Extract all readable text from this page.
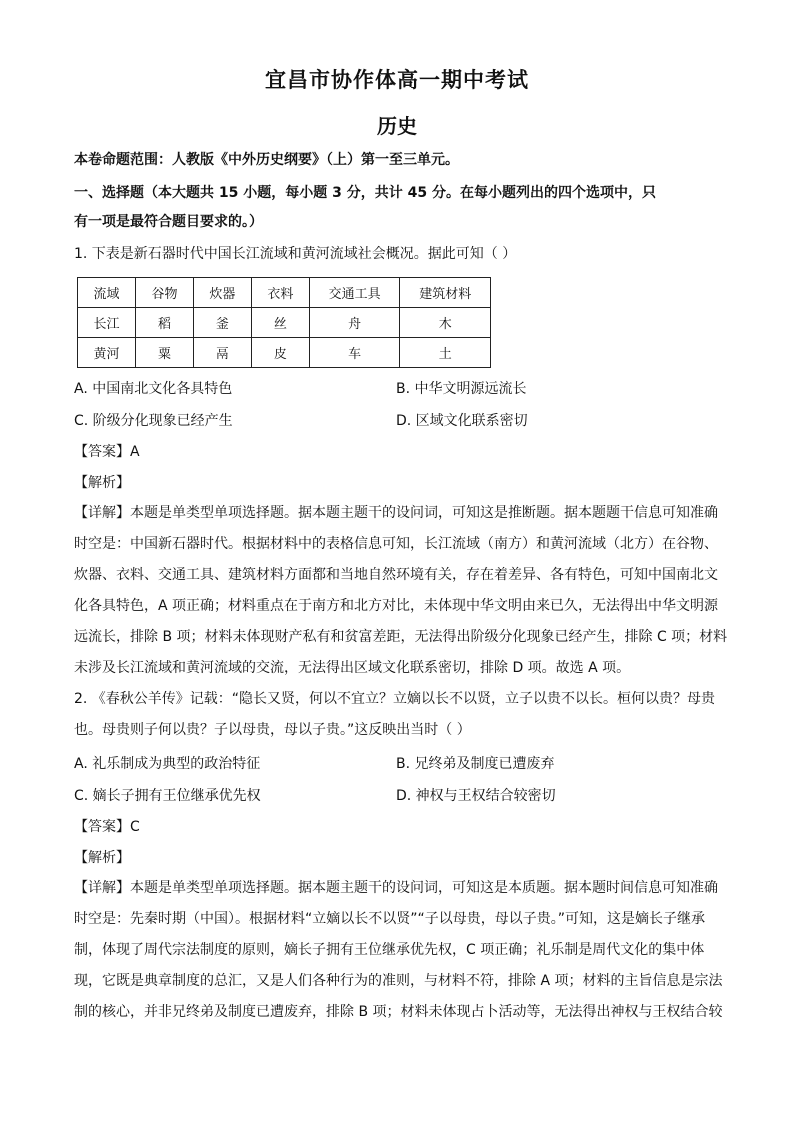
宜昌市协作体高一期中考试
历史
本卷命题范围：人教版《中外历史纲要》（上）第一至三单元。
一、选择题（本大题共 15 小题，每小题 3 分，共计 45 分。在每小题列出的四个选项中，只
有一项是最符合题目要求的。）
1. 下表是新石器时代中国长江流域和黄河流域社会概况。据此可知（ ）
流域	谷物	炊器	衣料	交通工具	建筑材料
长江	稻	釜	丝	舟	木
黄河	粟	鬲	皮	车	土
A. 中国南北文化各具特色	B. 中华文明源远流长
C. 阶级分化现象已经产生	D. 区域文化联系密切
【答案】A
【解析】
【详解】本题是单类型单项选择题。据本题主题干的设问词，可知这是推断题。据本题题干信息可知准确
时空是：中国新石器时代。根据材料中的表格信息可知，长江流域（南方）和黄河流域（北方）在谷物、
炊器、衣料、交通工具、建筑材料方面都和当地自然环境有关，存在着差异、各有特色，可知中国南北文
化各具特色，A 项正确；材料重点在于南方和北方对比，未体现中华文明由来已久，无法得出中华文明源
远流长，排除 B 项；材料未体现财产私有和贫富差距，无法得出阶级分化现象已经产生，排除 C 项；材料
未涉及长江流域和黄河流域的交流，无法得出区域文化联系密切，排除 D 项。故选 A 项。
2. 《春秋公羊传》记载：“隐长又贤，何以不宜立？立嫡以长不以贤，立子以贵不以长。桓何以贵？母贵
也。母贵则子何以贵？子以母贵，母以子贵。”这反映出当时（ ）
A. 礼乐制成为典型的政治特征	B. 兄终弟及制度已遭废弃
C. 嫡长子拥有王位继承优先权	D. 神权与王权结合较密切
【答案】C
【解析】
【详解】本题是单类型单项选择题。据本题主题干的设问词，可知这是本质题。据本题时间信息可知准确
时空是：先秦时期（中国）。根据材料“立嫡以长不以贤”“子以母贵，母以子贵。”可知，这是嫡长子继承
制，体现了周代宗法制度的原则，嫡长子拥有王位继承优先权，C 项正确；礼乐制是周代文化的集中体
现，它既是典章制度的总汇，又是人们各种行为的准则，与材料不符，排除 A 项；材料的主旨信息是宗法
制的核心，并非兄终弟及制度已遭废弃，排除 B 项；材料未体现占卜活动等，无法得出神权与王权结合较
